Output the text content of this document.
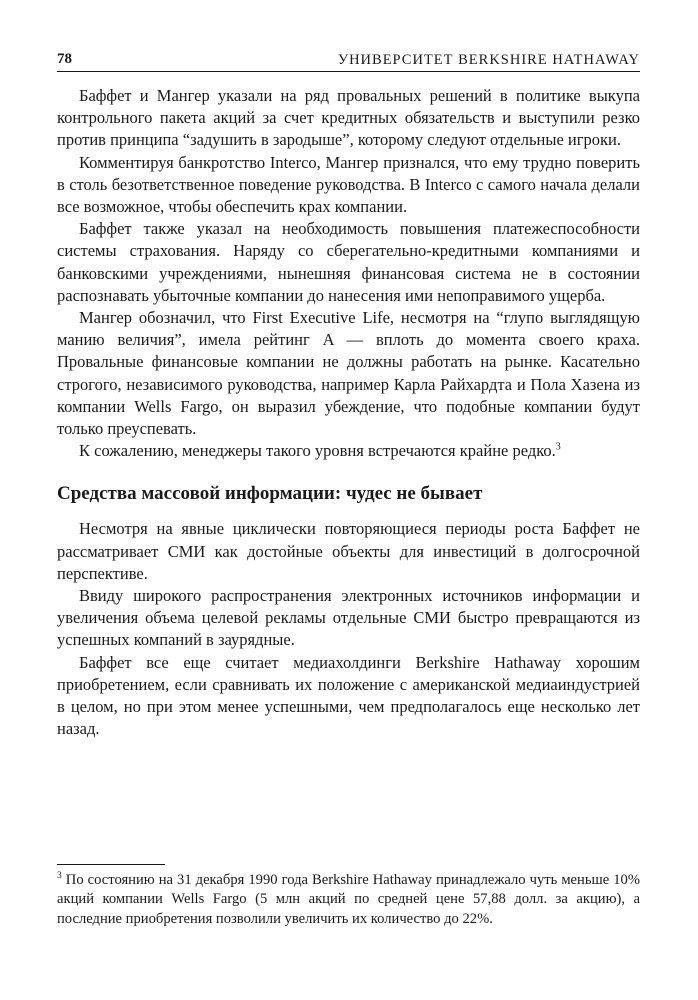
78	УНИВЕРСИТЕТ BERKSHIRE HATHAWAY

Баффет и Мангер указали на ряд провальных решений в политике выкупа контрольного пакета акций за счет кредитных обязательств и выступили резко против принципа “задушить в зародыше”, которому следуют отдельные игроки.

Комментируя банкротство Interco, Мангер признался, что ему трудно поверить в столь безответственное поведение руководства. В Interco с самого начала делали все возможное, чтобы обеспечить крах компании.

Баффет также указал на необходимость повышения платежеспособности системы страхования. Наряду со сберегательно-кредитными компаниями и банковскими учреждениями, нынешняя финансовая система не в состоянии распознавать убыточные компании до нанесения ими непоправимого ущерба.

Мангер обозначил, что First Executive Life, несмотря на “глупо выглядящую манию величия”, имела рейтинг A — вплоть до момента своего краха. Провальные финансовые компании не должны работать на рынке. Касательно строгого, независимого руководства, например Карла Райхардта и Пола Хазена из компании Wells Fargo, он выразил убеждение, что подобные компании будут только преуспевать.

К сожалению, менеджеры такого уровня встречаются крайне редко.$^3$

Средства массовой информации: чудес не бывает

Несмотря на явные циклически повторяющиеся периоды роста Баффет не рассматривает СМИ как достойные объекты для инвестиций в долгосрочной перспективе.

Ввиду широкого распространения электронных источников информации и увеличения объема целевой рекламы отдельные СМИ быстро превращаются из успешных компаний в заурядные.

Баффет все еще считает медиахолдинги Berkshire Hathaway хорошим приобретением, если сравнивать их положение с американской медиаиндустрией в целом, но при этом менее успешными, чем предполагалось еще несколько лет назад.

$^3$ По состоянию на 31 декабря 1990 года Berkshire Hathaway принадлежало чуть меньше 10% акций компании Wells Fargo (5 млн акций по средней цене 57,88 долл. за акцию), а последние приобретения позволили увеличить их количество до 22%.
